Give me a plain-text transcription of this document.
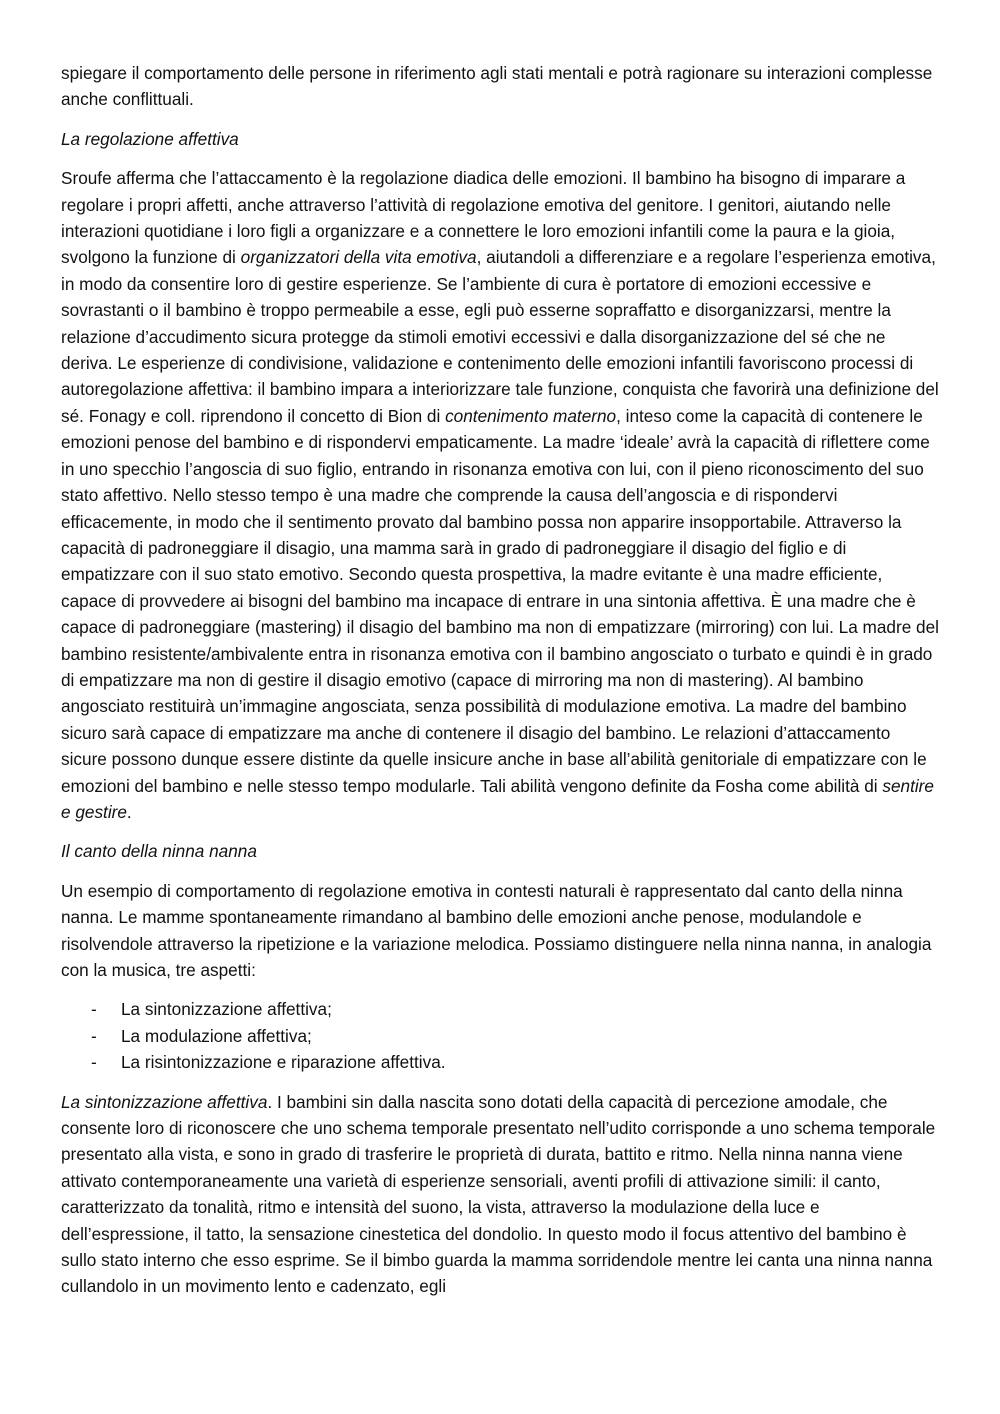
spiegare il comportamento delle persone in riferimento agli stati mentali e potrà ragionare su interazioni complesse anche conflittuali.

La regolazione affettiva

Sroufe afferma che l’attaccamento è la regolazione diadica delle emozioni. Il bambino ha bisogno di imparare a regolare i propri affetti, anche attraverso l’attività di regolazione emotiva del genitore. I genitori, aiutando nelle interazioni quotidiane i loro figli a organizzare e a connettere le loro emozioni infantili come la paura e la gioia, svolgono la funzione di organizzatori della vita emotiva, aiutandoli a differenziare e a regolare l’esperienza emotiva, in modo da consentire loro di gestire esperienze. Se l’ambiente di cura è portatore di emozioni eccessive e sovrastanti o il bambino è troppo permeabile a esse, egli può esserne sopraffatto e disorganizzarsi, mentre la relazione d’accudimento sicura protegge da stimoli emotivi eccessivi e dalla disorganizzazione del sé che ne deriva. Le esperienze di condivisione, validazione e contenimento delle emozioni infantili favoriscono processi di autoregolazione affettiva: il bambino impara a interiorizzare tale funzione, conquista che favorirà una definizione del sé. Fonagy e coll. riprendono il concetto di Bion di contenimento materno, inteso come la capacità di contenere le emozioni penose del bambino e di rispondervi empaticamente. La madre ‘ideale’ avrà la capacità di riflettere come in uno specchio l’angoscia di suo figlio, entrando in risonanza emotiva con lui, con il pieno riconoscimento del suo stato affettivo. Nello stesso tempo è una madre che comprende la causa dell’angoscia e di rispondervi efficacemente, in modo che il sentimento provato dal bambino possa non apparire insopportabile. Attraverso la capacità di padroneggiare il disagio, una mamma sarà in grado di padroneggiare il disagio del figlio e di empatizzare con il suo stato emotivo. Secondo questa prospettiva, la madre evitante è una madre efficiente, capace di provvedere ai bisogni del bambino ma incapace di entrare in una sintonia affettiva. È una madre che è capace di padroneggiare (mastering) il disagio del bambino ma non di empatizzare (mirroring) con lui. La madre del bambino resistente/ambivalente entra in risonanza emotiva con il bambino angosciato o turbato e quindi è in grado di empatizzare ma non di gestire il disagio emotivo (capace di mirroring ma non di mastering). Al bambino angosciato restituirà un’immagine angosciata, senza possibilità di modulazione emotiva. La madre del bambino sicuro sarà capace di empatizzare ma anche di contenere il disagio del bambino. Le relazioni d’attaccamento sicure possono dunque essere distinte da quelle insicure anche in base all’abilità genitoriale di empatizzare con le emozioni del bambino e nelle stesso tempo modularle. Tali abilità vengono definite da Fosha come abilità di sentire e gestire.

Il canto della ninna nanna

Un esempio di comportamento di regolazione emotiva in contesti naturali è rappresentato dal canto della ninna nanna. Le mamme spontaneamente rimandano al bambino delle emozioni anche penose, modulandole e risolvendole attraverso la ripetizione e la variazione melodica. Possiamo distinguere nella ninna nanna, in analogia con la musica, tre aspetti:

- La sintonizzazione affettiva;
- La modulazione affettiva;
- La risintonizzazione e riparazione affettiva.

La sintonizzazione affettiva. I bambini sin dalla nascita sono dotati della capacità di percezione amodale, che consente loro di riconoscere che uno schema temporale presentato nell’udito corrisponde a uno schema temporale presentato alla vista, e sono in grado di trasferire le proprietà di durata, battito e ritmo. Nella ninna nanna viene attivato contemporaneamente una varietà di esperienze sensoriali, aventi profili di attivazione simili: il canto, caratterizzato da tonalità, ritmo e intensità del suono, la vista, attraverso la modulazione della luce e dell’espressione, il tatto, la sensazione cinestetica del dondolio. In questo modo il focus attentivo del bambino è sullo stato interno che esso esprime. Se il bimbo guarda la mamma sorridendole mentre lei canta una ninna nanna cullandolo in un movimento lento e cadenzato, egli
